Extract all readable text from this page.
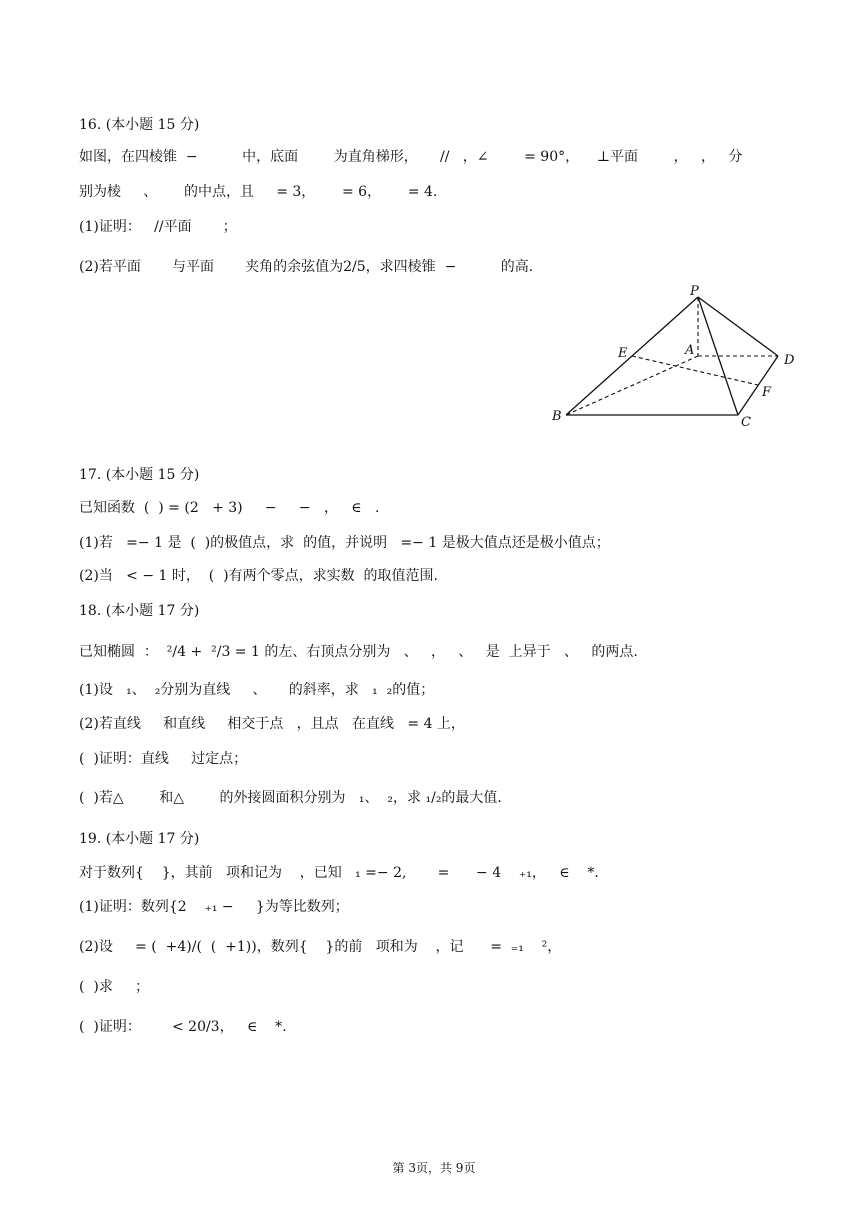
16. (本小题 15 分)
如图，在四棱锥  −          中，底面        为直角梯形，     //   ，∠        = 90°，    ⊥平面        ，   ，   分
别为棱     、      的中点，且     = 3，      = 6，      = 4.
(1)证明：   //平面       ；
(2)若平面       与平面       夹角的余弦值为2/5，求四棱锥  −          的高.
P
A
B	C
D
E
F
17. (本小题 15 分)
已知函数  (  ) = (2   + 3)     −     −   ，   ∈   .
(1)若   =− 1 是  (  )的极值点，求  的值，并说明   =− 1 是极大值点还是极小值点；
(2)当   < − 1 时，  (  )有两个零点，求实数  的取值范围.
18. (本小题 17 分)
已知椭圆  ：  ²/4 +  ²/3 = 1 的左、右顶点分别为   、   ，   、   是  上异于   、   的两点.
(1)设   ₁、  ₂分别为直线     、     的斜率，求   ₁  ₂的值；
(2)若直线     和直线     相交于点   ，且点   在直线   = 4 上，
(  )证明：直线     过定点；
(  )若△        和△        的外接圆面积分别为   ₁、  ₂，求 ₁/₂的最大值.
19. (本小题 17 分)
对于数列{    }，其前   项和记为    ，已知   ₁ =− 2,       =      − 4    ₊₁，   ∈    *.
(1)证明：数列{2    ₊₁ −     }为等比数列；
(2)设     = (  +4)/(  (  +1))，数列{    }的前   项和为    ，记      =  ₌₁    ²，
(  )求     ；
(  )证明：       < 20/3，   ∈    *.
第 3页，共 9页
